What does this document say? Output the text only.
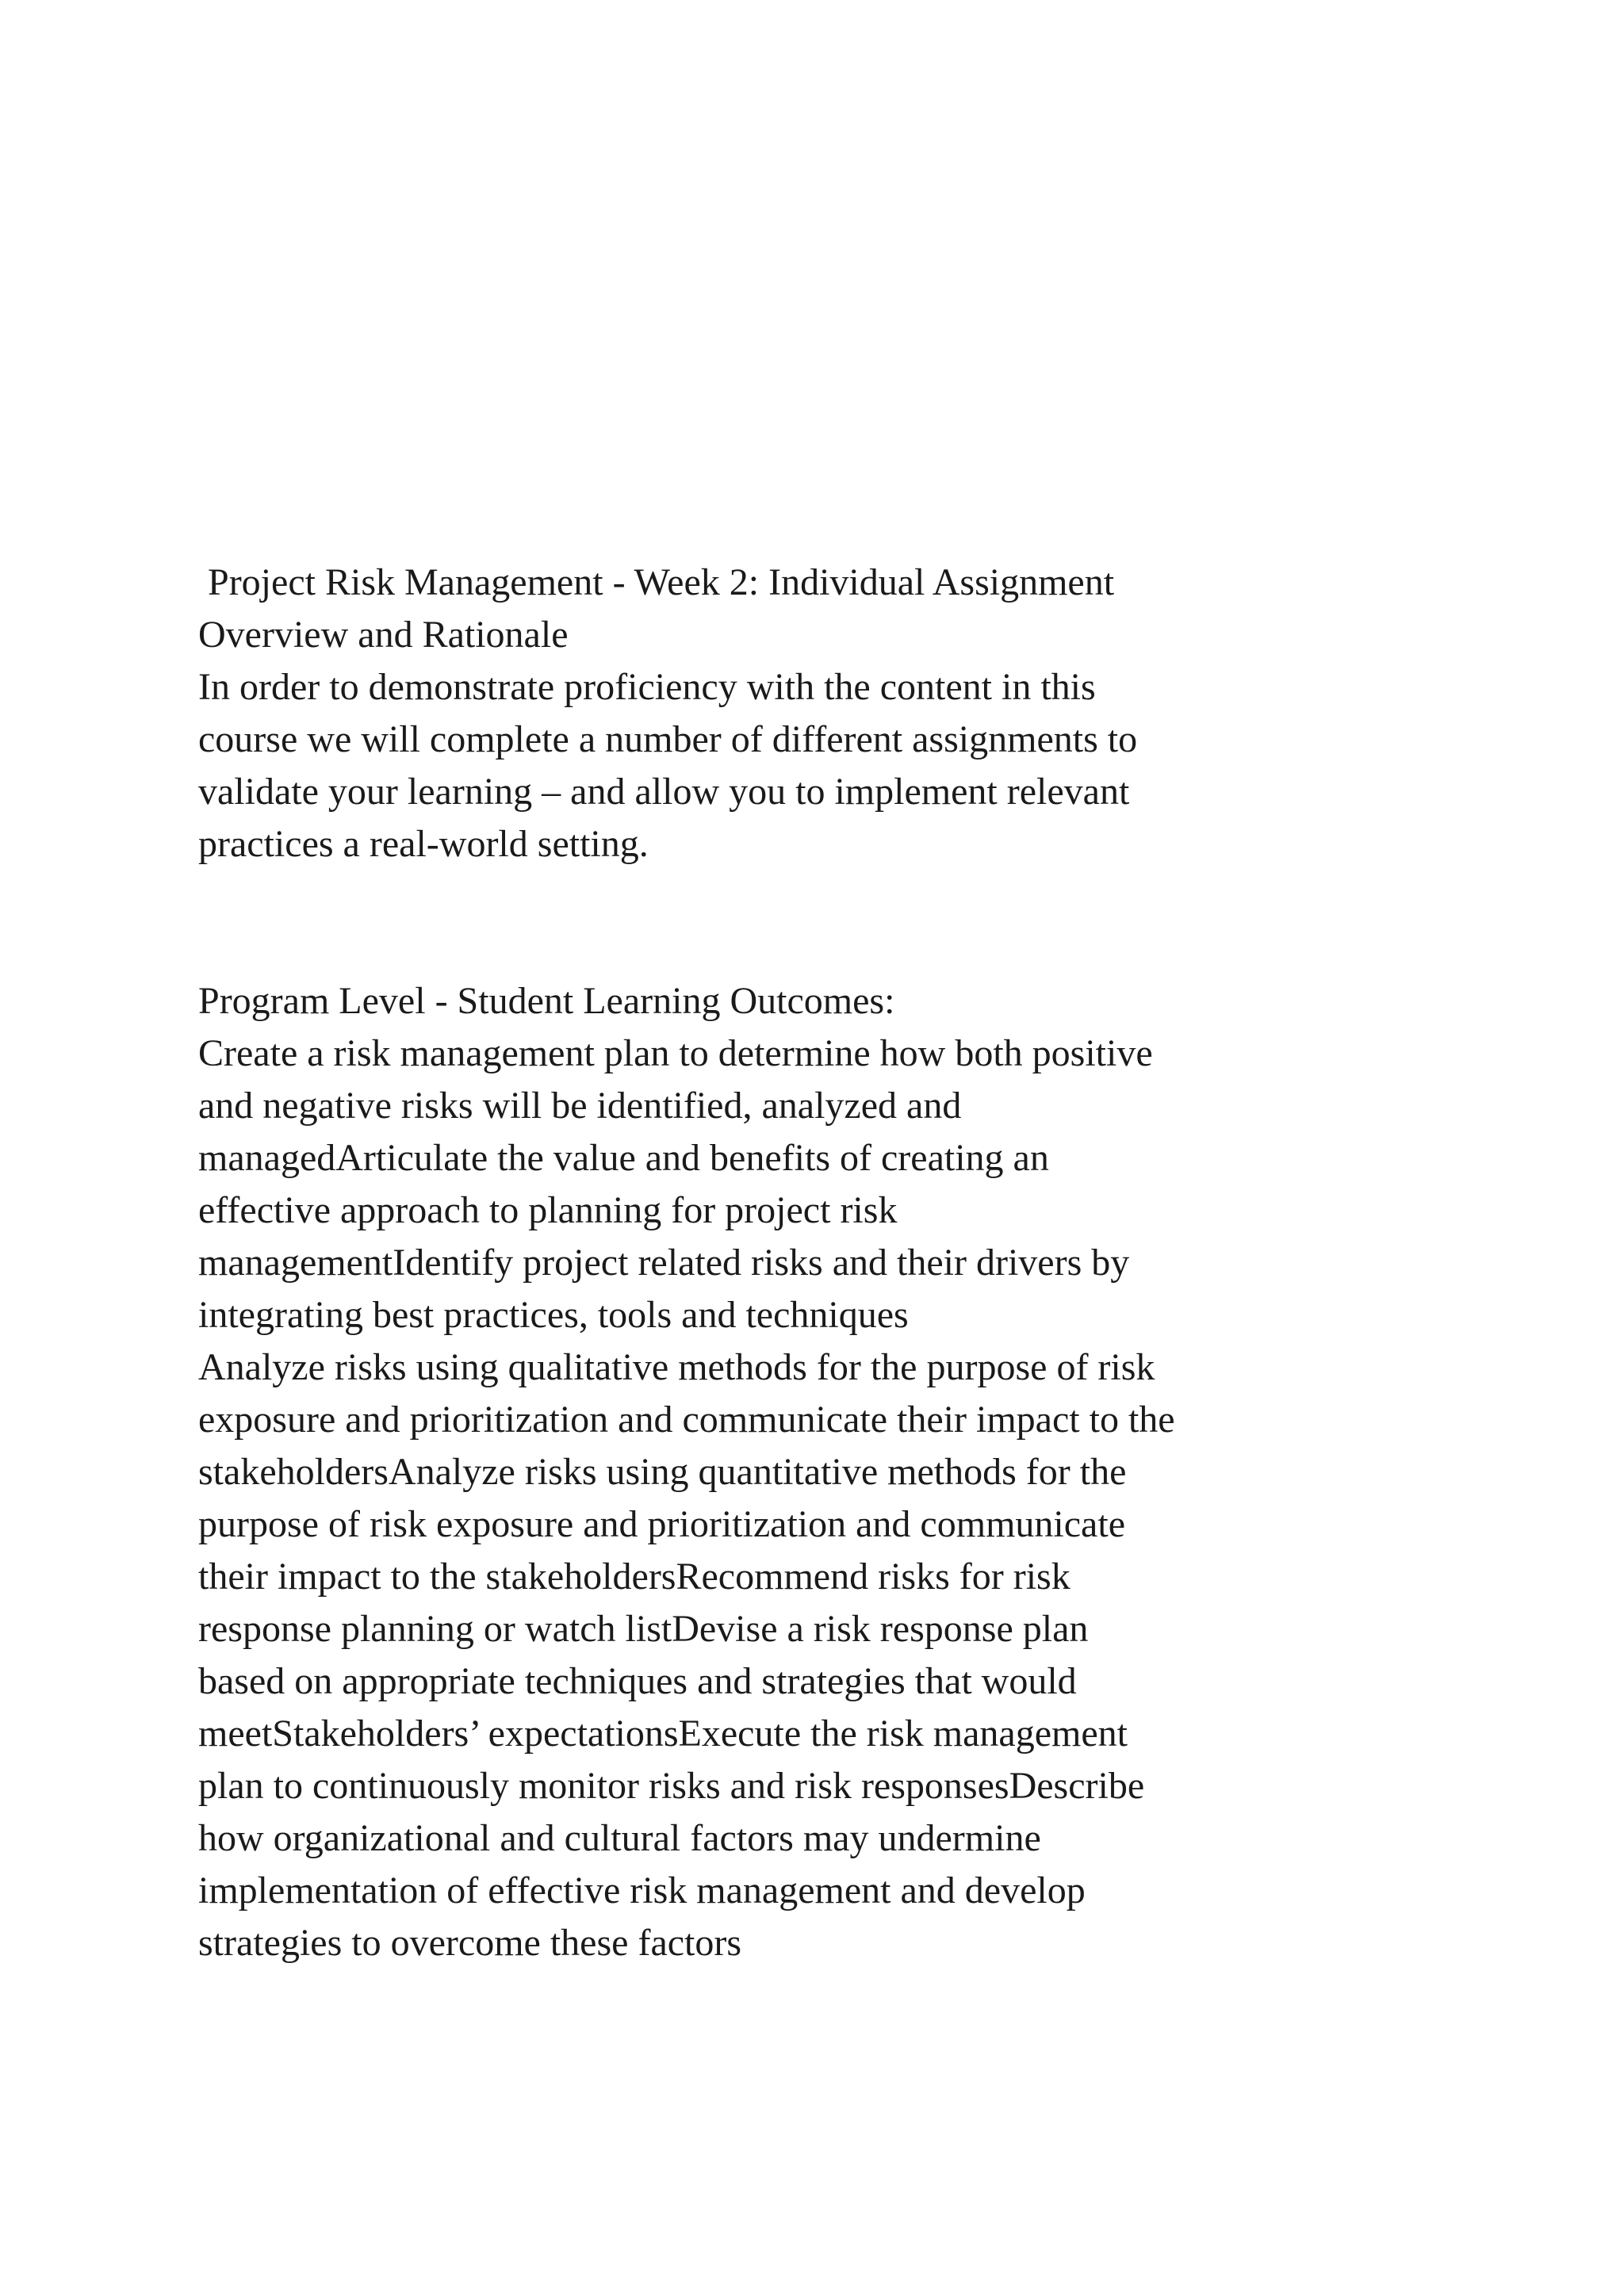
Project Risk Management - Week 2: Individual Assignment
Overview and Rationale
In order to demonstrate proficiency with the content in this
course we will complete a number of different assignments to
validate your learning – and allow you to implement relevant
practices a real-world setting.
Program Level - Student Learning Outcomes:
Create a risk management plan to determine how both positive
and negative risks will be identified, analyzed and
managedArticulate the value and benefits of creating an
effective approach to planning for project risk
managementIdentify project related risks and their drivers by
integrating best practices, tools and techniques
Analyze risks using qualitative methods for the purpose of risk
exposure and prioritization and communicate their impact to the
stakeholdersAnalyze risks using quantitative methods for the
purpose of risk exposure and prioritization and communicate
their impact to the stakeholdersRecommend risks for risk
response planning or watch listDevise a risk response plan
based on appropriate techniques and strategies that would
meetStakeholders’ expectationsExecute the risk management
plan to continuously monitor risks and risk responsesDescribe
how organizational and cultural factors may undermine
implementation of effective risk management and develop
strategies to overcome these factors
